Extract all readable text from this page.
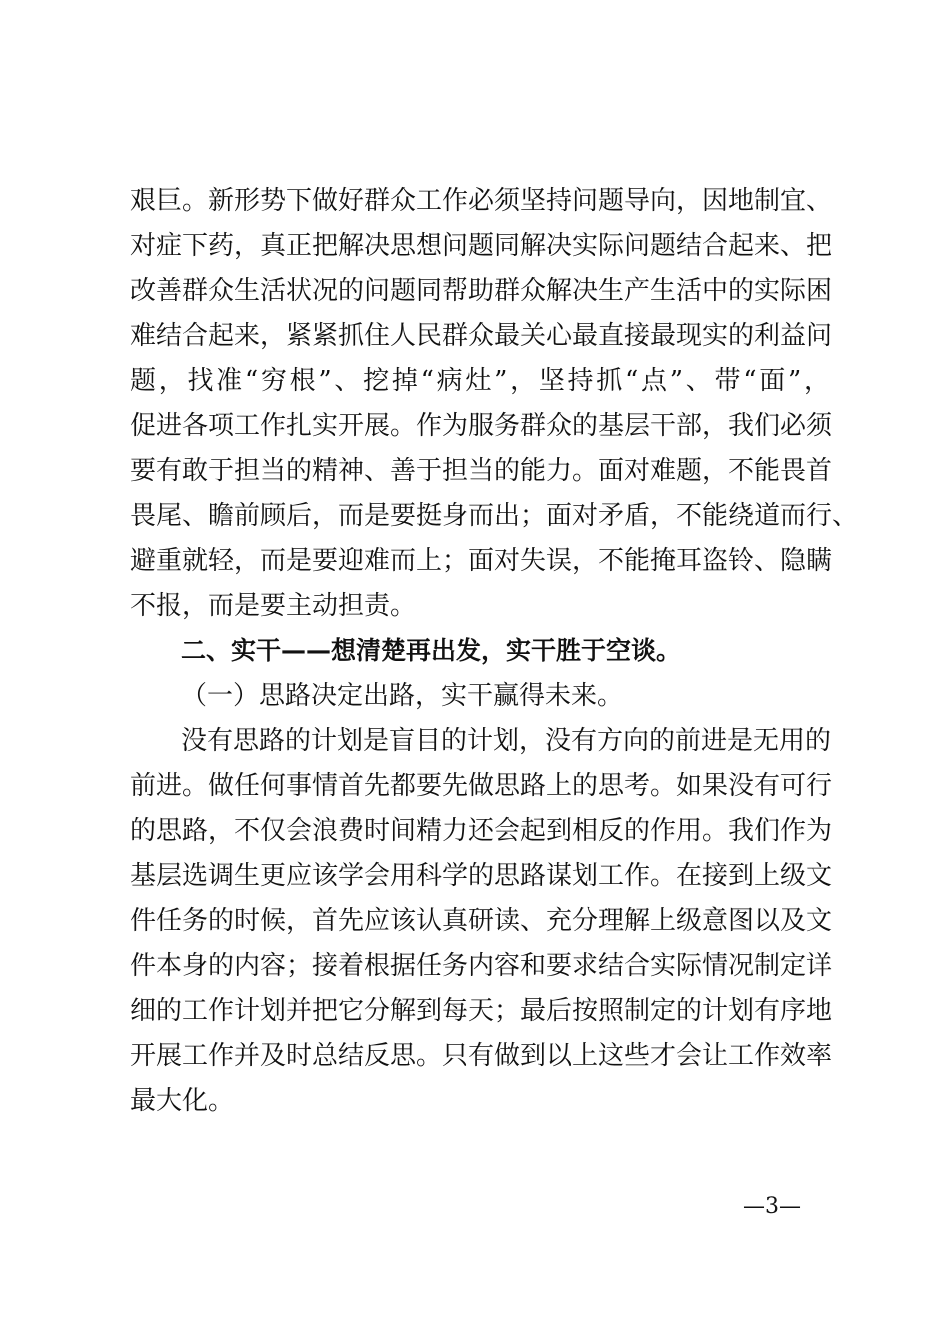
艰巨。新形势下做好群众工作必须坚持问题导向，因地制宜、
对症下药，真正把解决思想问题同解决实际问题结合起来、把
改善群众生活状况的问题同帮助群众解决生产生活中的实际困
难结合起来，紧紧抓住人民群众最关心最直接最现实的利益问
题，找准“穷根”、挖掉“病灶”，坚持抓“点”、带“面”，
促进各项工作扎实开展。作为服务群众的基层干部，我们必须
要有敢于担当的精神、善于担当的能力。面对难题，不能畏首
畏尾、瞻前顾后，而是要挺身而出；面对矛盾，不能绕道而行、
避重就轻，而是要迎难而上；面对失误，不能掩耳盗铃、隐瞒
不报，而是要主动担责。
二、实干——想清楚再出发，实干胜于空谈。
（一）思路决定出路，实干赢得未来。
没有思路的计划是盲目的计划，没有方向的前进是无用的
前进。做任何事情首先都要先做思路上的思考。如果没有可行
的思路，不仅会浪费时间精力还会起到相反的作用。我们作为
基层选调生更应该学会用科学的思路谋划工作。在接到上级文
件任务的时候，首先应该认真研读、充分理解上级意图以及文
件本身的内容；接着根据任务内容和要求结合实际情况制定详
细的工作计划并把它分解到每天；最后按照制定的计划有序地
开展工作并及时总结反思。只有做到以上这些才会让工作效率
最大化。
—3—
